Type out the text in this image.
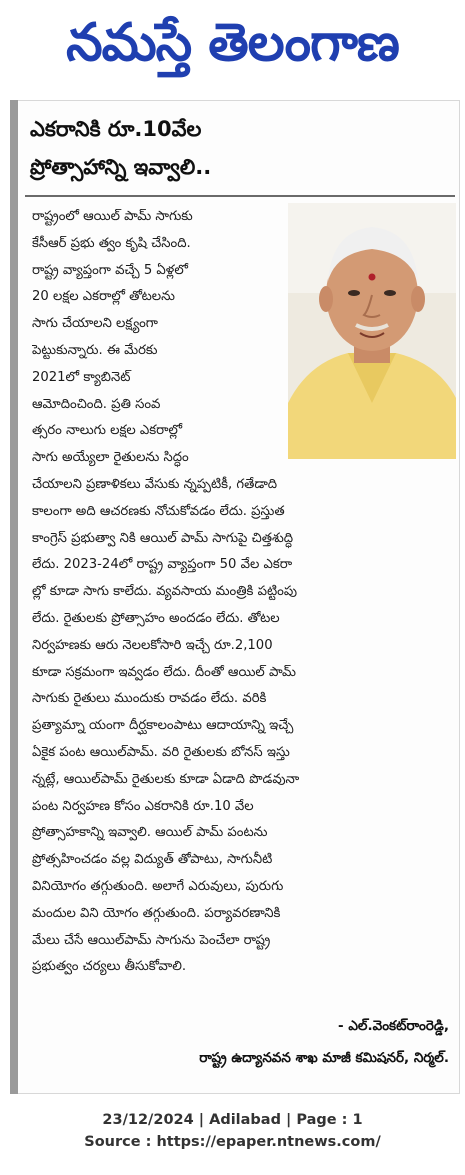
నమస్తే తెలంగాణ
ఎకరానికి రూ.10వేల
ప్రోత్సాహాన్ని ఇవ్వాలి..
రాష్ట్రంలో ఆయిల్ పామ్ సాగుకు
కేసీఆర్ ప్రభు త్వం కృషి చేసింది.
రాష్ట్ర వ్యాప్తంగా వచ్చే 5 ఏళ్లలో
20 లక్షల ఎకరాల్లో తోటలను
సాగు చేయాలని లక్ష్యంగా
పెట్టుకున్నారు. ఈ మేరకు
2021లో క్యాబినెట్
ఆమోదించింది. ప్రతి సంవ
త్సరం నాలుగు లక్షల ఎకరాల్లో
సాగు అయ్యేలా రైతులను సిద్ధం
చేయాలని ప్రణాళికలు వేసుకు న్నప్పటికీ, గతేడాది
కాలంగా అది ఆచరణకు నోచుకోవడం లేదు. ప్రస్తుత
కాంగ్రెస్ ప్రభుత్వా నికి ఆయిల్ పామ్ సాగుపై చిత్తశుద్ధి
లేదు. 2023-24లో రాష్ట్ర వ్యాప్తంగా 50 వేల ఎకరా
ల్లో కూడా సాగు కాలేదు. వ్యవసాయ మంత్రికి పట్టింపు
లేదు. రైతులకు ప్రోత్సాహం అందడం లేదు. తోటల
నిర్వహణకు ఆరు నెలలకోసారి ఇచ్చే రూ.2,100
కూడా సక్రమంగా ఇవ్వడం లేదు. దీంతో ఆయిల్ పామ్
సాగుకు రైతులు ముందుకు రావడం లేదు. వరికి
ప్రత్యామ్నా యంగా దీర్ఘకాలంపాటు ఆదాయాన్ని ఇచ్చే
ఏకైక పంట ఆయిల్‌పామ్. వరి రైతులకు బోనస్ ఇస్తు
న్నట్లే, ఆయిల్‌పామ్ రైతులకు కూడా ఏడాది పొడవునా
పంట నిర్వహణ కోసం ఎకరానికి రూ.10 వేల
ప్రోత్సాహకాన్ని ఇవ్వాలి. ఆయిల్ పామ్ పంటను
ప్రోత్సహించడం వల్ల విద్యుత్ తోపాటు, సాగునీటి
వినియోగం తగ్గుతుంది. అలాగే ఎరువులు, పురుగు
మందుల విని యోగం తగ్గుతుంది. పర్యావరణానికి
మేలు చేసే ఆయిల్‌పామ్ సాగును పెంచేలా రాష్ట్ర
ప్రభుత్వం చర్యలు తీసుకోవాలి.
- ఎల్.వెంకట్‌రాంరెడ్డి,
రాష్ట్ర ఉద్యానవన శాఖ మాజీ కమిషనర్, నిర్మల్.
23/12/2024 | Adilabad | Page : 1
Source : https://epaper.ntnews.com/
